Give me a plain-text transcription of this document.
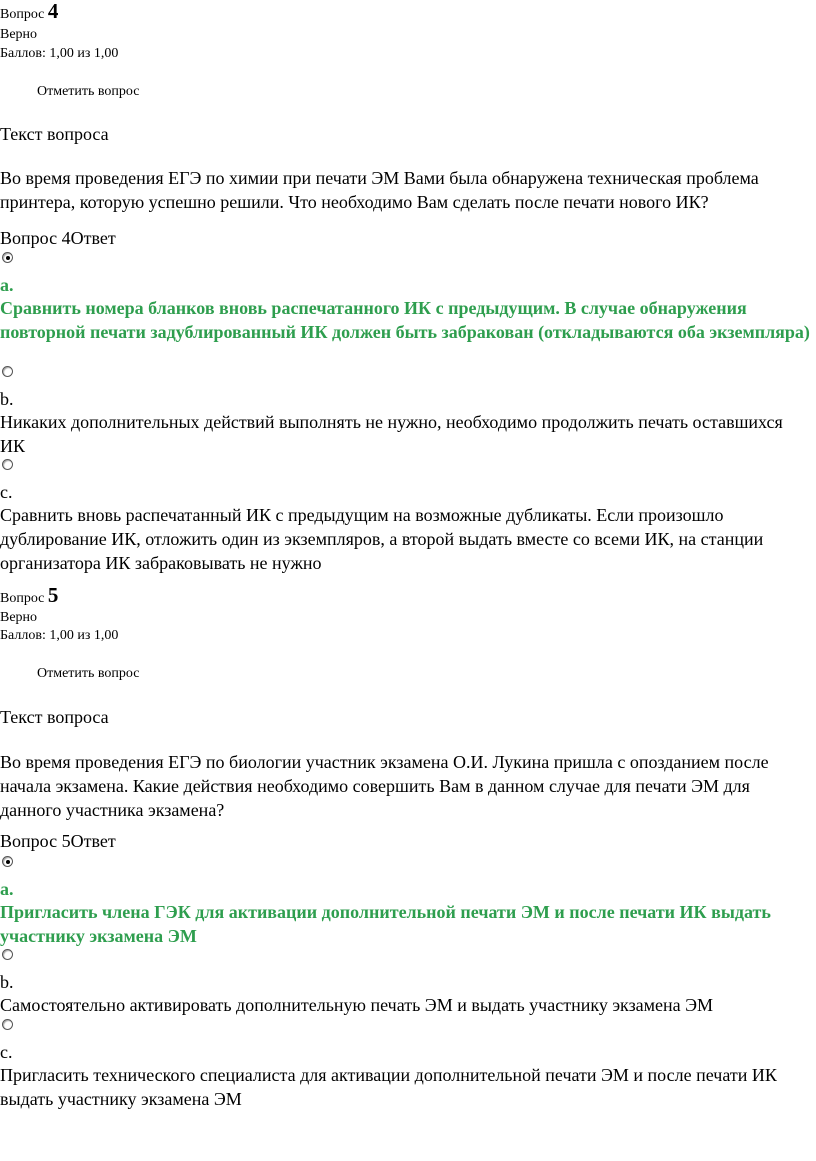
Вопрос 4
Верно
Баллов: 1,00 из 1,00
Отметить вопрос
Текст вопроса
Во время проведения ЕГЭ по химии при печати ЭМ Вами была обнаружена техническая проблема принтера, которую успешно решили. Что необходимо Вам сделать после печати нового ИК?
Вопрос 4Ответ
a.
Сравнить номера бланков вновь распечатанного ИК с предыдущим. В случае обнаружения повторной печати задублированный ИК должен быть забракован (откладываются оба экземпляра)
b.
Никаких дополнительных действий выполнять не нужно, необходимо продолжить печать оставшихся ИК
c.
Сравнить вновь распечатанный ИК с предыдущим на возможные дубликаты. Если произошло дублирование ИК, отложить один из экземпляров, а второй выдать вместе со всеми ИК, на станции организатора ИК забраковывать не нужно
Вопрос 5
Верно
Баллов: 1,00 из 1,00
Отметить вопрос
Текст вопроса
Во время проведения ЕГЭ по биологии участник экзамена О.И. Лукина пришла с опозданием после начала экзамена. Какие действия необходимо совершить Вам в данном случае для печати ЭМ для данного участника экзамена?
Вопрос 5Ответ
a.
Пригласить члена ГЭК для активации дополнительной печати ЭМ и после печати ИК выдать участнику экзамена ЭМ
b.
Самостоятельно активировать дополнительную печать ЭМ и выдать участнику экзамена ЭМ
c.
Пригласить технического специалиста для активации дополнительной печати ЭМ и после печати ИК выдать участнику экзамена ЭМ
